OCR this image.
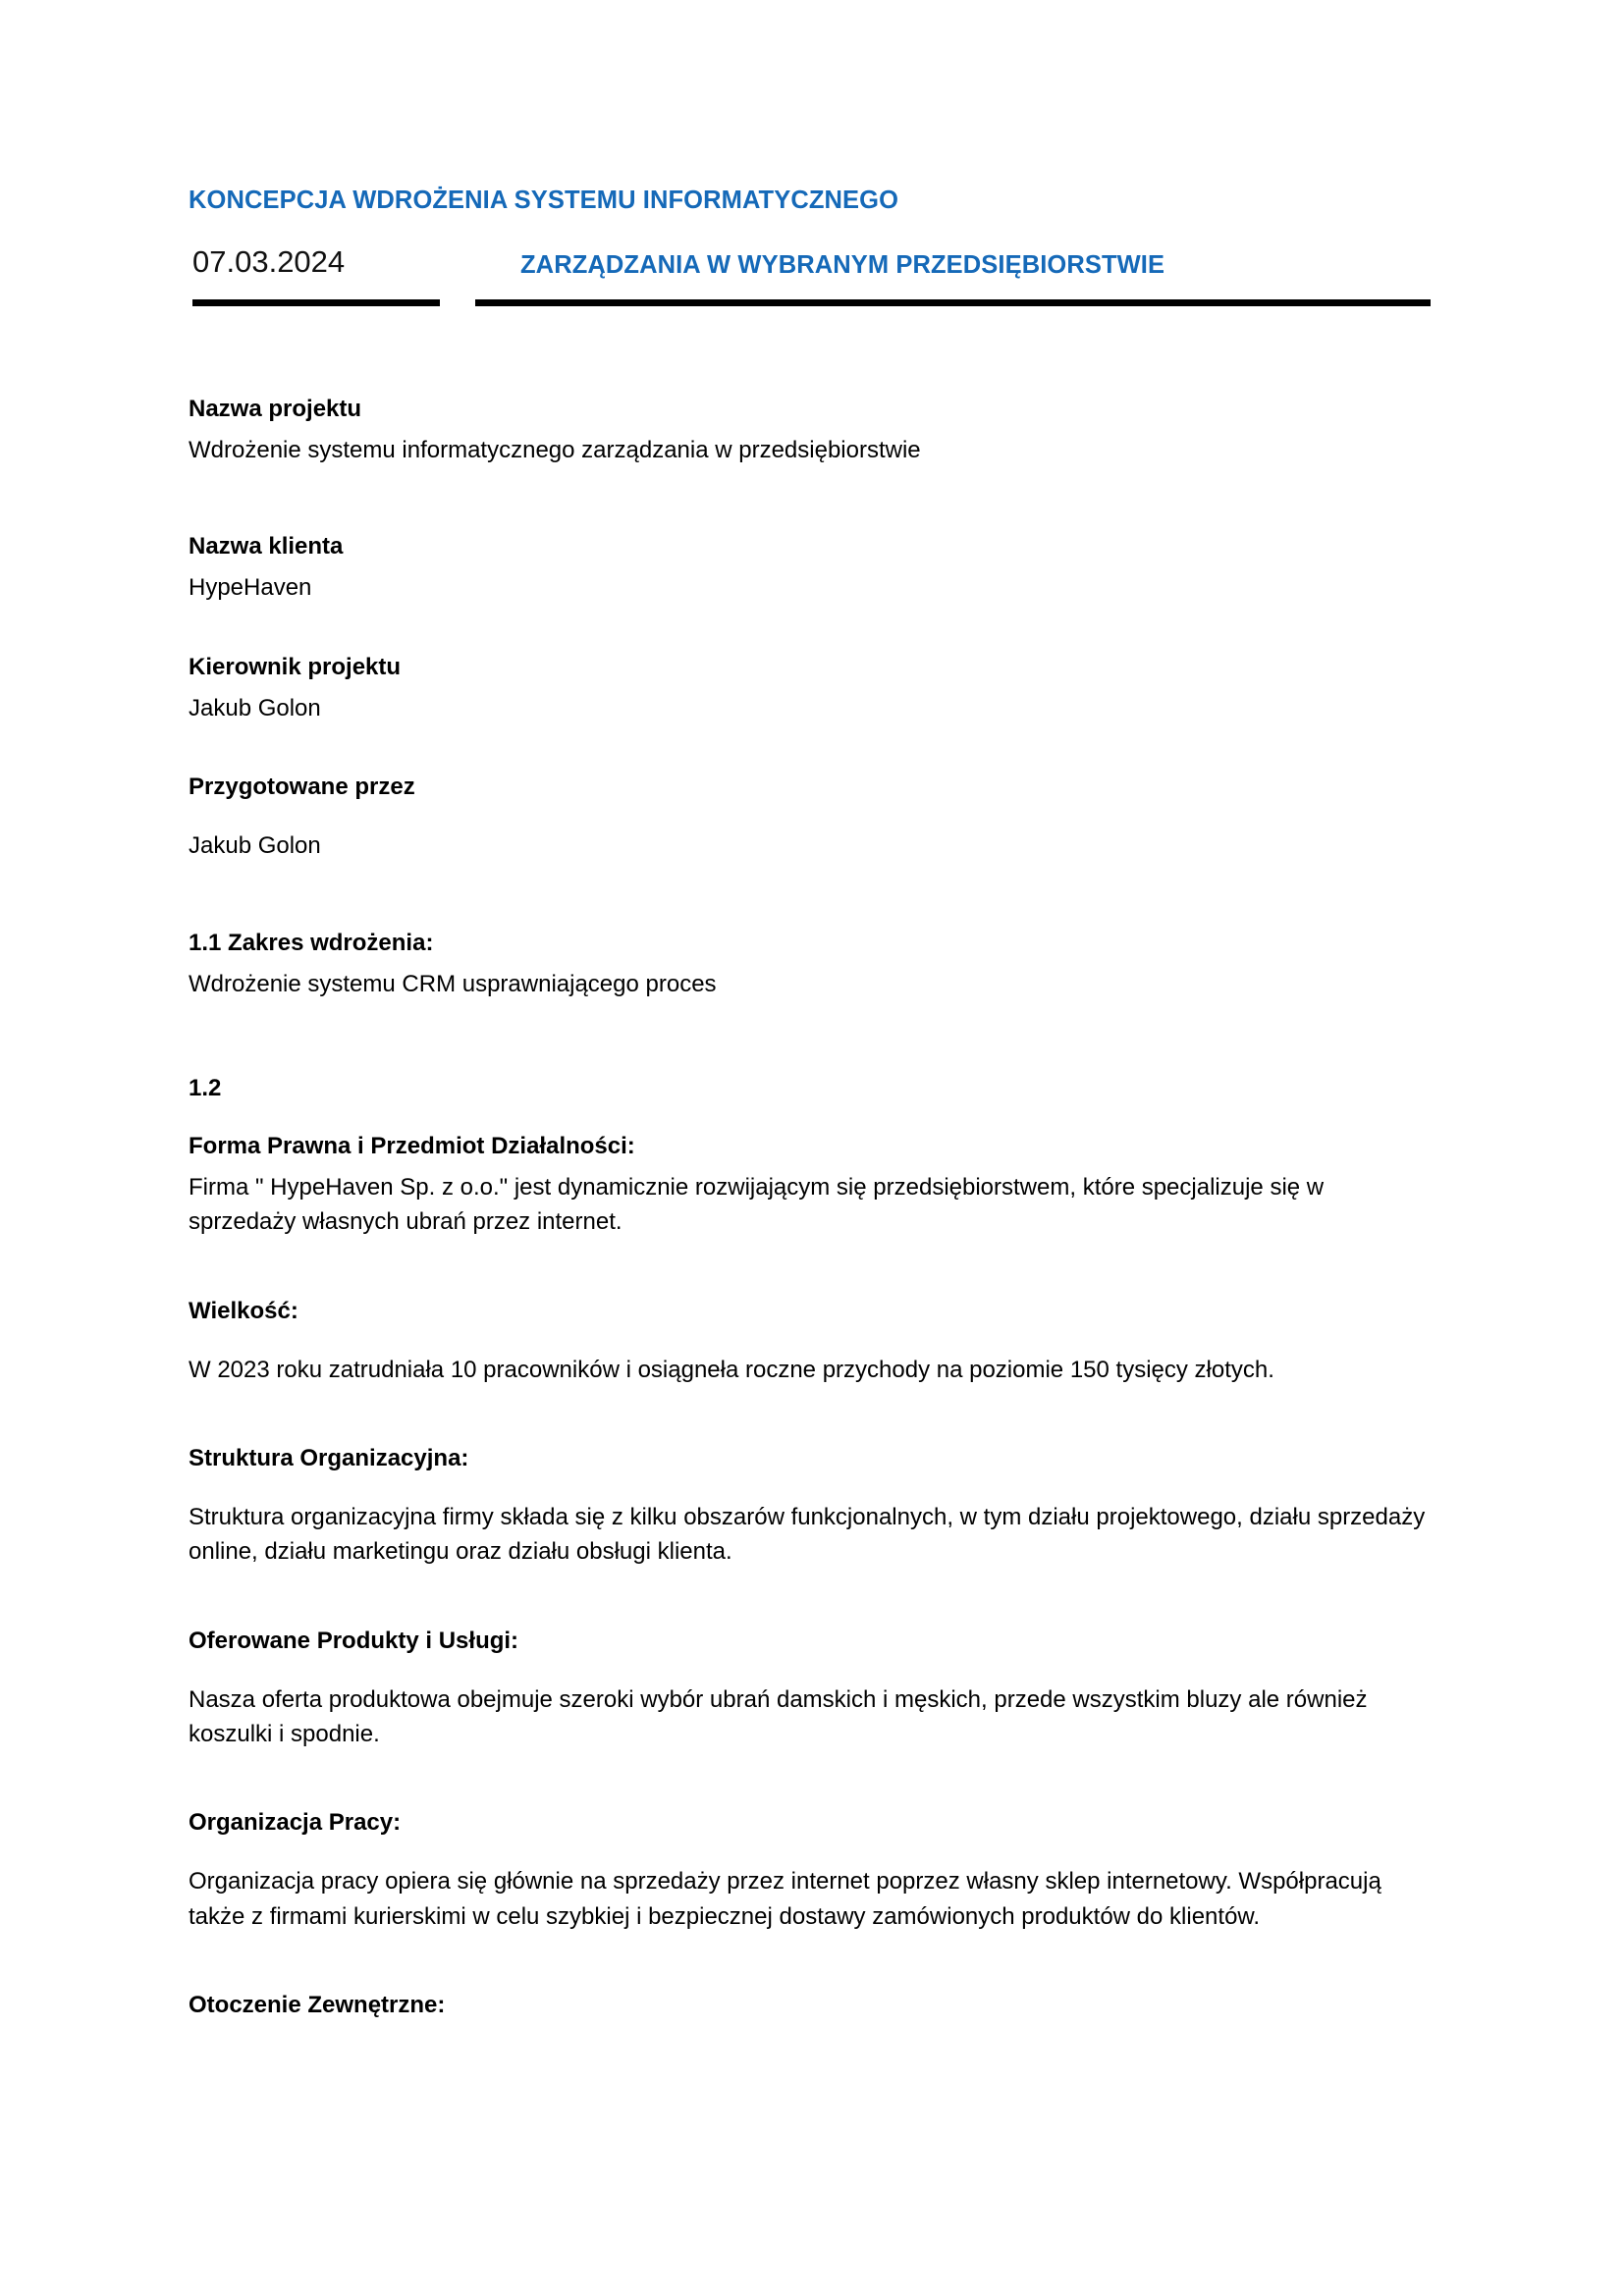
KONCEPCJA WDROŻENIA SYSTEMU INFORMATYCZNEGO
07.03.2024	ZARZĄDZANIA W WYBRANYM PRZEDSIĘBIORSTWIE
Nazwa projektu

Wdrożenie systemu informatycznego zarządzania w przedsiębiorstwie

Nazwa klienta

HypeHaven

Kierownik projektu

Jakub Golon

Przygotowane przez

Jakub Golon

1.1 Zakres wdrożenia:

Wdrożenie systemu CRM usprawniającego proces

1.2
Forma Prawna i Przedmiot Działalności:

Firma " HypeHaven Sp. z o.o." jest dynamicznie rozwijającym się przedsiębiorstwem, które specjalizuje się w sprzedaży własnych ubrań przez internet.

Wielkość:

W 2023 roku zatrudniała 10 pracowników i osiągneła roczne przychody na poziomie 150 tysięcy złotych.

Struktura Organizacyjna:

Struktura organizacyjna firmy składa się z kilku obszarów funkcjonalnych, w tym działu projektowego, działu sprzedaży online, działu marketingu oraz działu obsługi klienta.

Oferowane Produkty i Usługi:

Nasza oferta produktowa obejmuje szeroki wybór ubrań damskich i męskich, przede wszystkim bluzy ale również koszulki i spodnie.

Organizacja Pracy:

Organizacja pracy opiera się głównie na sprzedaży przez internet poprzez własny sklep internetowy. Współpracują także z firmami kurierskimi w celu szybkiej i bezpiecznej dostawy zamówionych produktów do klientów.

Otoczenie Zewnętrzne:
